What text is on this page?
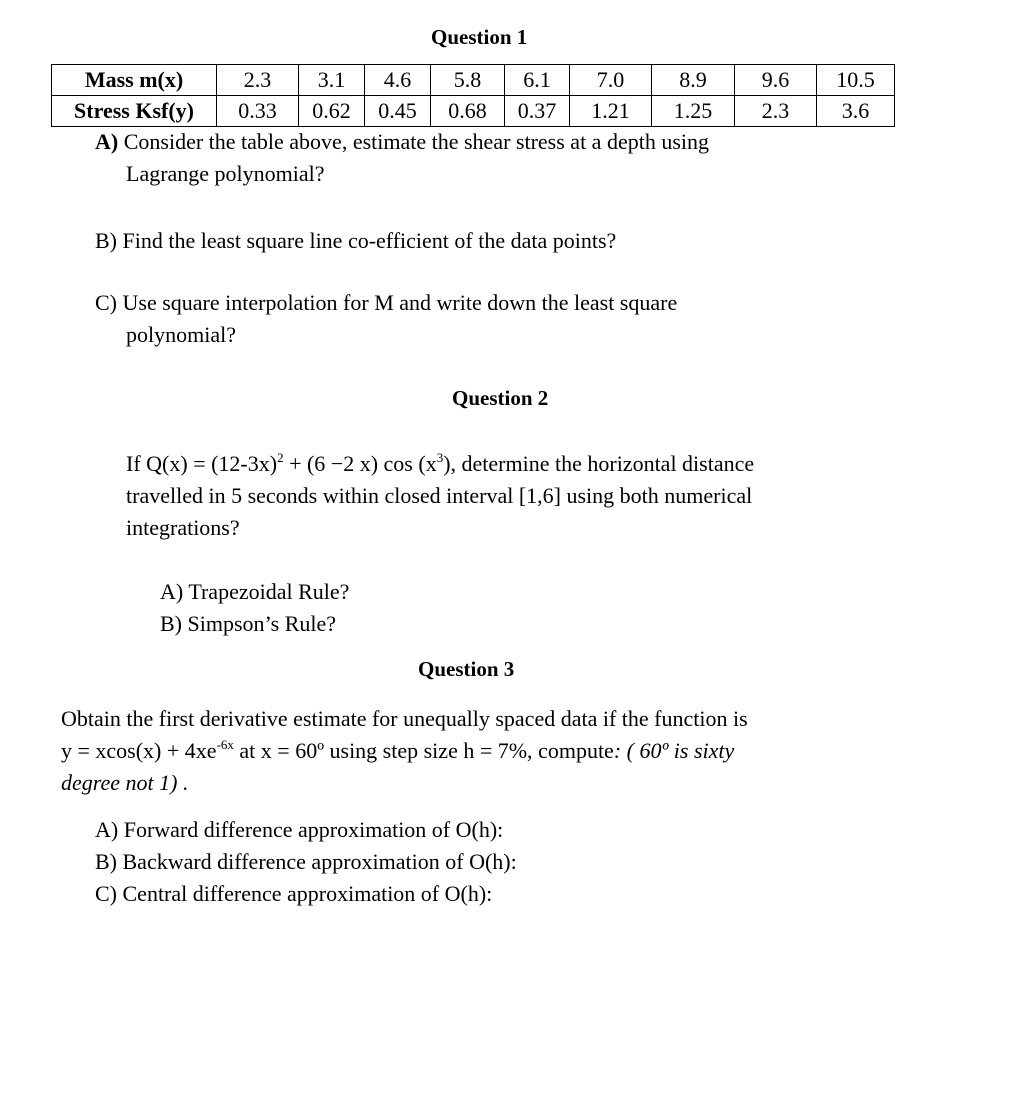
Question 1
Mass m(x)	2.3	3.1	4.6	5.8	6.1	7.0	8.9	9.6	10.5
Stress Ksf(y)	0.33	0.62	0.45	0.68	0.37	1.21	1.25	2.3	3.6
A) Consider the table above, estimate the shear stress at a depth using
Lagrange polynomial?
B) Find the least square line co-efficient of the data points?
C) Use square interpolation for M and write down the least square
polynomial?
Question 2
If $Q(x) = (12-3x)^2 + (6 -2$ x) $\cos (x^3)$, determine the horizontal distance
travelled in 5 seconds within closed interval [1,6] using both numerical
integrations?
A) Trapezoidal Rule?
B) Simpson’s Rule?
Question 3
Obtain the first derivative estimate for unequally spaced data if the function is
$y = xcos(x) + 4xe^{-6x}$ at x = 60º using step size h = 7%, compute: ( 60º is sixty
degree not 1) .
A) Forward difference approximation of O(h):
B) Backward difference approximation of O(h):
C) Central difference approximation of O(h):
